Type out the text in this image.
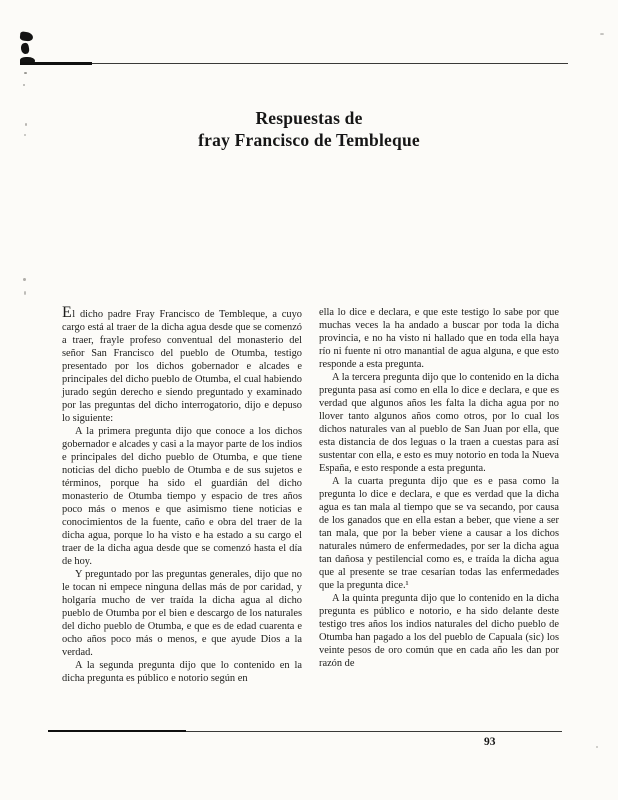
Respuestas de
fray Francisco de Tembleque

El dicho padre Fray Francisco de Tembleque, a cuyo cargo está al traer de la dicha agua desde que se comenzó a traer, frayle profeso conventual del monasterio del señor San Francisco del pueblo de Otumba, testigo presentado por los dichos gobernador e alcades e principales del dicho pueblo de Otumba, el cual habiendo jurado según derecho e siendo preguntado y examinado por las preguntas del dicho interrogatorio, dijo e depuso lo siguiente:

A la primera pregunta dijo que conoce a los dichos gobernador e alcades y casi a la mayor parte de los indios e principales del dicho pueblo de Otumba, e que tiene noticias del dicho pueblo de Otumba e de sus sujetos e términos, porque ha sido el guardián del dicho monasterio de Otumba tiempo y espacio de tres años poco más o menos e que asimismo tiene noticias e conocimientos de la fuente, caño e obra del traer de la dicha agua, porque lo ha visto e ha estado a su cargo el traer de la dicha agua desde que se comenzó hasta el día de hoy.

Y preguntado por las preguntas generales, dijo que no le tocan ni empece ninguna dellas más de por caridad, y holgaría mucho de ver traída la dicha agua al dicho pueblo de Otumba por el bien e descargo de los naturales del dicho pueblo de Otumba, e que es de edad cuarenta e ocho años poco más o menos, e que ayude Dios a la verdad.

A la segunda pregunta dijo que lo contenido en la dicha pregunta es público e notorio según en

ella lo dice e declara, e que este testigo lo sabe por que muchas veces la ha andado a buscar por toda la dicha provincia, e no ha visto ni hallado que en toda ella haya río ni fuente ni otro manantial de agua alguna, e que esto responde a esta pregunta.

A la tercera pregunta dijo que lo contenido en la dicha pregunta pasa así como en ella lo dice e declara, e que es verdad que algunos años les falta la dicha agua por no llover tanto algunos años como otros, por lo cual los dichos naturales van al pueblo de San Juan por ella, que esta distancia de dos leguas o la traen a cuestas para así sustentar con ella, e esto es muy notorio en toda la Nueva España, e esto responde a esta pregunta.

A la cuarta pregunta dijo que es e pasa como la pregunta lo dice e declara, e que es verdad que la dicha agua es tan mala al tiempo que se va secando, por causa de los ganados que en ella estan a beber, que viene a ser tan mala, que por la beber viene a causar a los dichos naturales número de enfermedades, por ser la dicha agua tan dañosa y pestilencial como es, e traída la dicha agua que al presente se trae cesarían todas las enfermedades que la pregunta dice.¹

A la quinta pregunta dijo que lo contenido en la dicha pregunta es público e notorio, e ha sido delante deste testigo tres años los indios naturales del dicho pueblo de Otumba han pagado a los del pueblo de Capuala (sic) los veinte pesos de oro común que en cada año les dan por razón de

93
